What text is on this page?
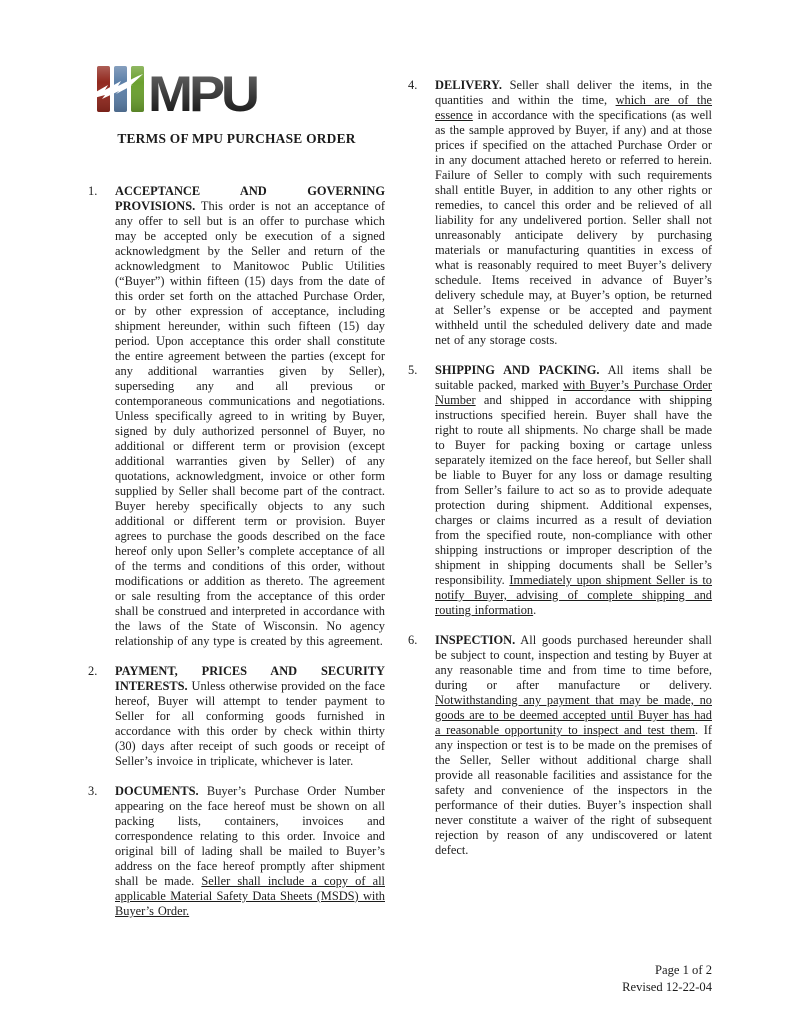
MPU
TERMS OF MPU PURCHASE ORDER
1.	ACCEPTANCE AND GOVERNING PROVISIONS. This order is not an acceptance of any offer to sell but is an offer to purchase which may be accepted only be execution of a signed acknowledgment by the Seller and return of the acknowledgment to Manitowoc Public Utilities (“Buyer”) within fifteen (15) days from the date of this order set forth on the attached Purchase Order, or by other expression of acceptance, including shipment hereunder, within such fifteen (15) day period. Upon acceptance this order shall constitute the entire agreement between the parties (except for any additional warranties given by Seller), superseding any and all previous or contemporaneous communications and negotiations. Unless specifically agreed to in writing by Buyer, signed by duly authorized personnel of Buyer, no additional or different term or provision (except additional warranties given by Seller) of any quotations, acknowledgment, invoice or other form supplied by Seller shall become part of the contract. Buyer hereby specifically objects to any such additional or different term or provision. Buyer agrees to purchase the goods described on the face hereof only upon Seller’s complete acceptance of all of the terms and conditions of this order, without modifications or addition as thereto. The agreement or sale resulting from the acceptance of this order shall be construed and interpreted in accordance with the laws of the State of Wisconsin. No agency relationship of any type is created by this agreement.
2.	PAYMENT, PRICES AND SECURITY INTERESTS. Unless otherwise provided on the face hereof, Buyer will attempt to tender payment to Seller for all conforming goods furnished in accordance with this order by check within thirty (30) days after receipt of such goods or receipt of Seller’s invoice in triplicate, whichever is later.
3.	DOCUMENTS. Buyer’s Purchase Order Number appearing on the face hereof must be shown on all packing lists, containers, invoices and correspondence relating to this order. Invoice and original bill of lading shall be mailed to Buyer’s address on the face hereof promptly after shipment shall be made. Seller shall include a copy of all applicable Material Safety Data Sheets (MSDS) with Buyer’s Order.
4.	DELIVERY. Seller shall deliver the items, in the quantities and within the time, which are of the essence in accordance with the specifications (as well as the sample approved by Buyer, if any) and at those prices if specified on the attached Purchase Order or in any document attached hereto or referred to herein. Failure of Seller to comply with such requirements shall entitle Buyer, in addition to any other rights or remedies, to cancel this order and be relieved of all liability for any undelivered portion. Seller shall not unreasonably anticipate delivery by purchasing materials or manufacturing quantities in excess of what is reasonably required to meet Buyer’s delivery schedule. Items received in advance of Buyer’s delivery schedule may, at Buyer’s option, be returned at Seller’s expense or be accepted and payment withheld until the scheduled delivery date and made net of any storage costs.
5.	SHIPPING AND PACKING. All items shall be suitable packed, marked with Buyer’s Purchase Order Number and shipped in accordance with shipping instructions specified herein. Buyer shall have the right to route all shipments. No charge shall be made to Buyer for packing boxing or cartage unless separately itemized on the face hereof, but Seller shall be liable to Buyer for any loss or damage resulting from Seller’s failure to act so as to provide adequate protection during shipment. Additional expenses, charges or claims incurred as a result of deviation from the specified route, non-compliance with other shipping instructions or improper description of the shipment in shipping documents shall be Seller’s responsibility. Immediately upon shipment Seller is to notify Buyer, advising of complete shipping and routing information.
6.	INSPECTION. All goods purchased hereunder shall be subject to count, inspection and testing by Buyer at any reasonable time and from time to time before, during or after manufacture or delivery. Notwithstanding any payment that may be made, no goods are to be deemed accepted until Buyer has had a reasonable opportunity to inspect and test them. If any inspection or test is to be made on the premises of the Seller, Seller without additional charge shall provide all reasonable facilities and assistance for the safety and convenience of the inspectors in the performance of their duties. Buyer’s inspection shall never constitute a waiver of the right of subsequent rejection by reason of any undiscovered or latent defect.
Page 1 of 2
Revised 12-22-04
